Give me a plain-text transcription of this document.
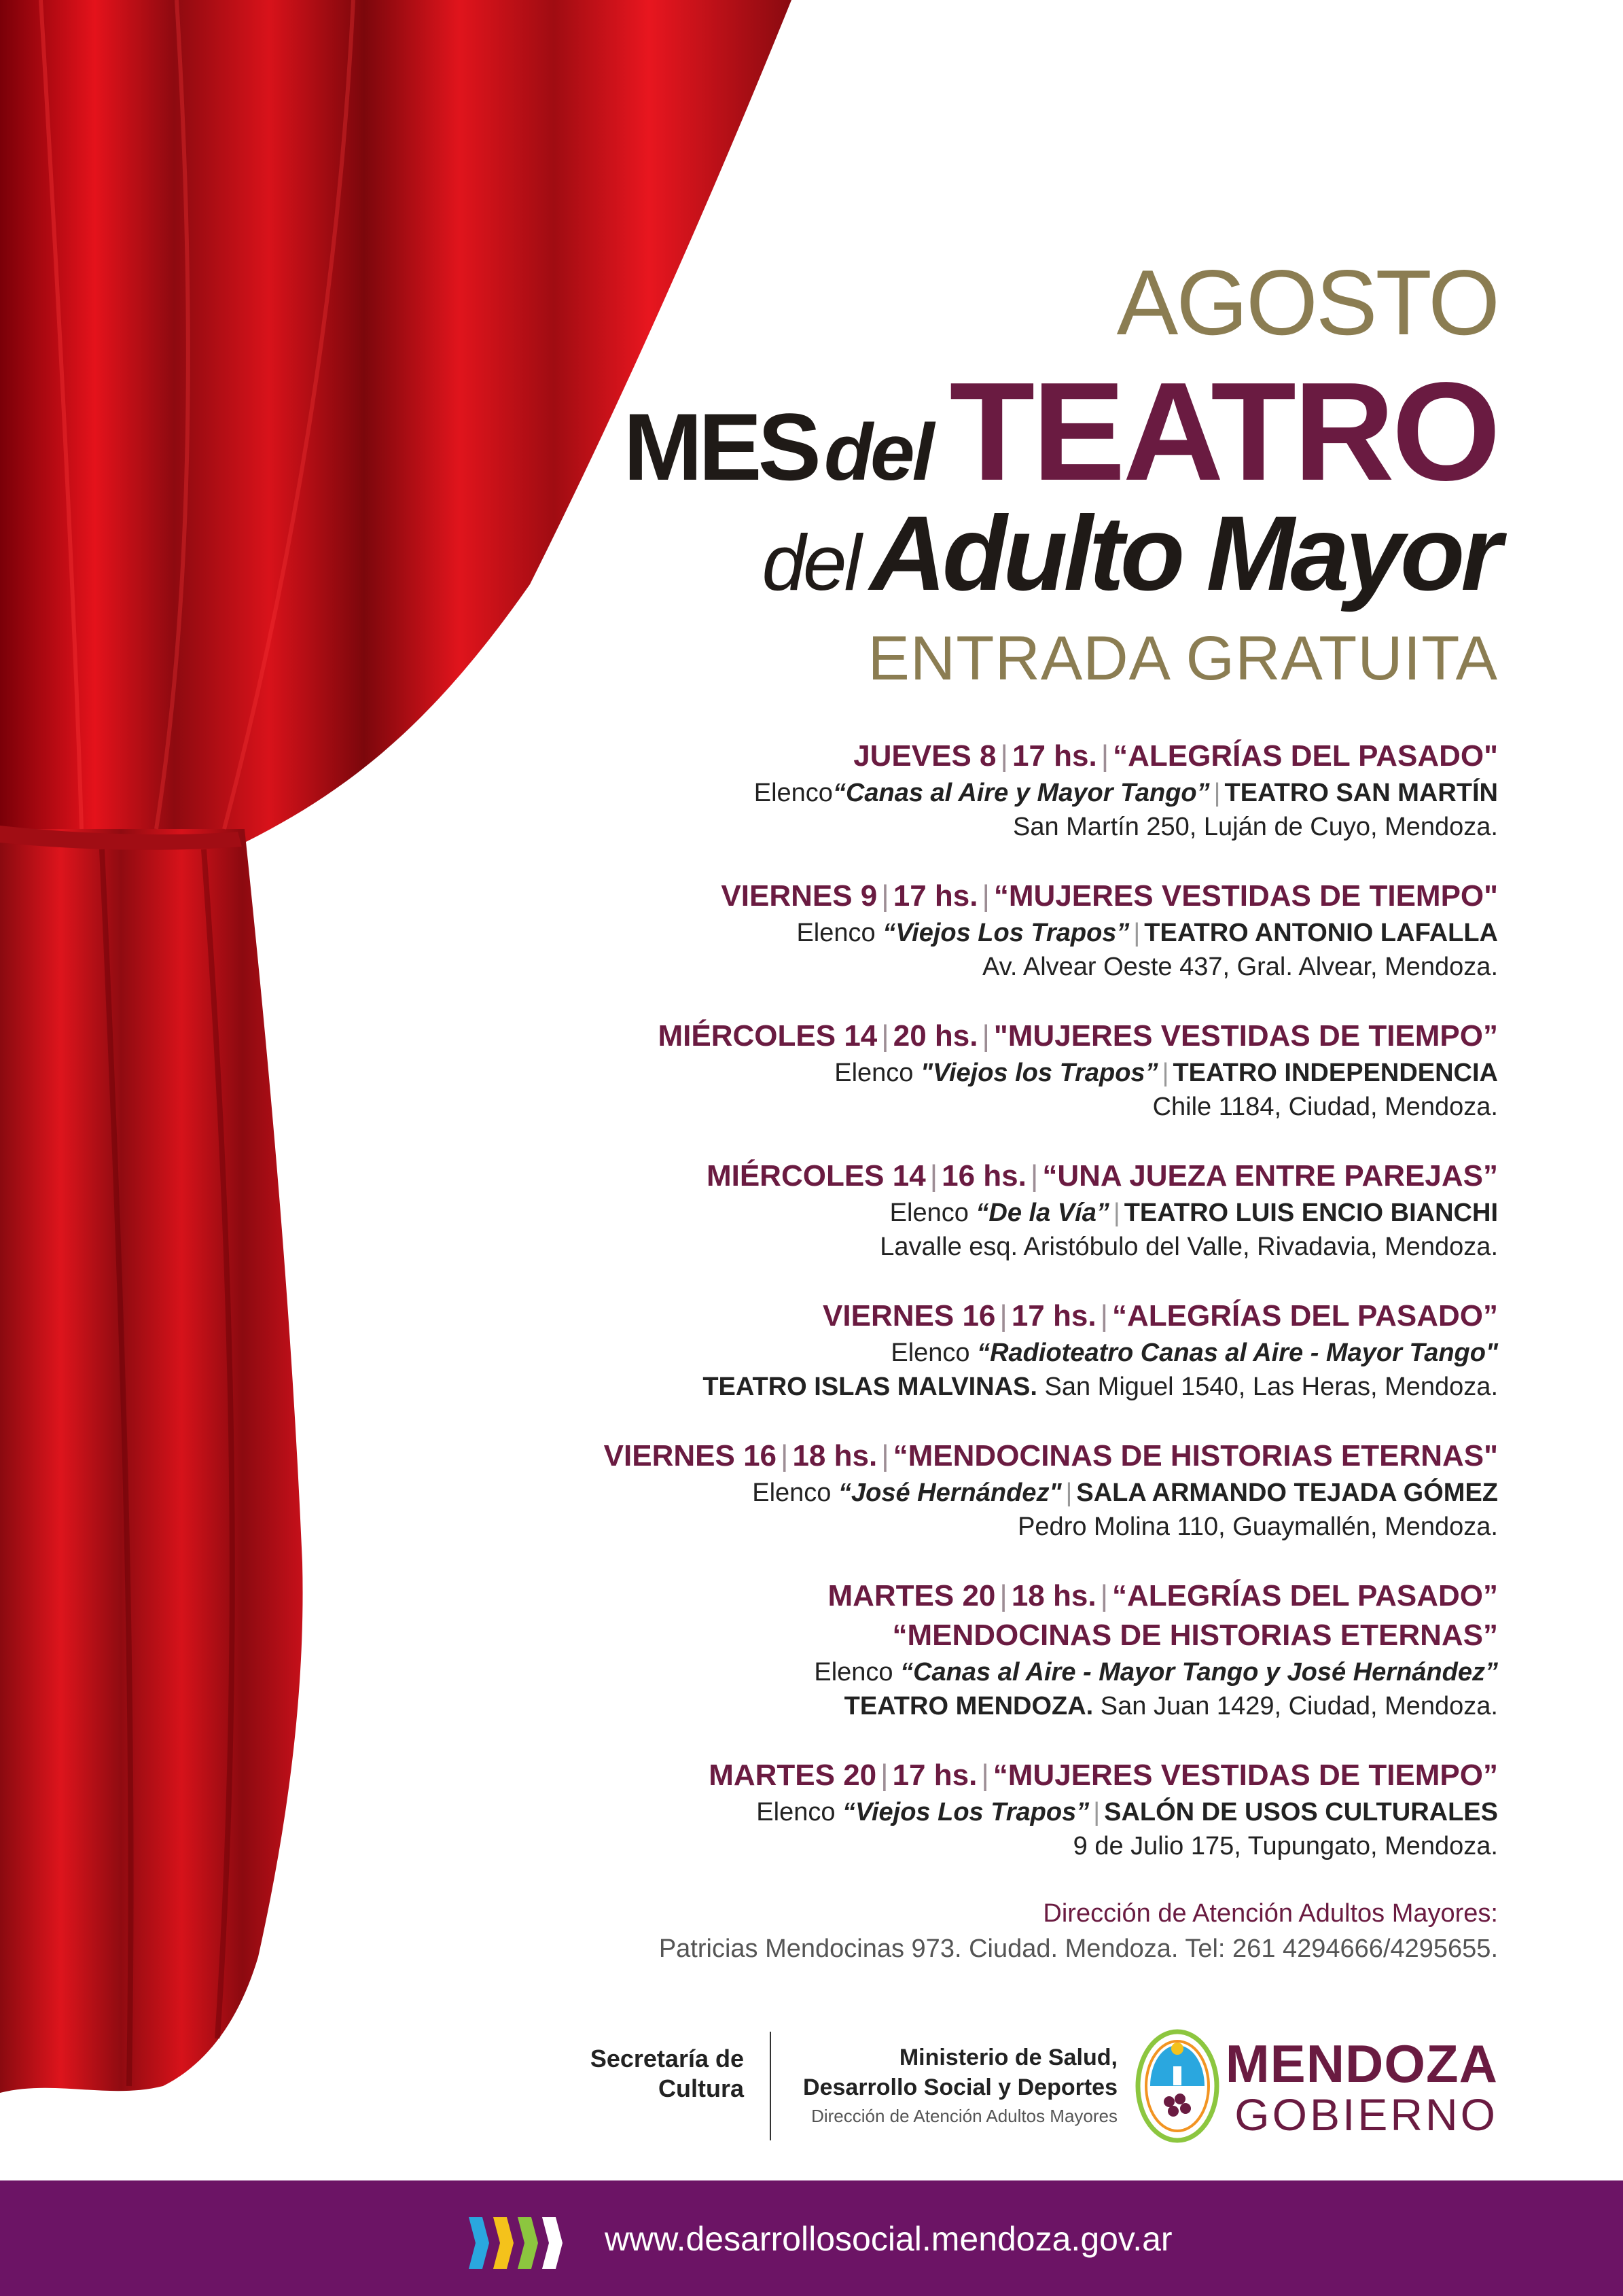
AGOSTO
MESdel TEATRO
del Adulto Mayor
ENTRADA GRATUITA
JUEVES 8 | 17 hs. | “ALEGRÍAS DEL PASADO"
Elenco“Canas al Aire y Mayor Tango” | TEATRO SAN MARTÍN
San Martín 250, Luján de Cuyo, Mendoza.
VIERNES 9 | 17 hs. | “MUJERES VESTIDAS DE TIEMPO"
Elenco “Viejos Los Trapos” | TEATRO ANTONIO LAFALLA
Av. Alvear Oeste 437, Gral. Alvear, Mendoza.
MIÉRCOLES 14 | 20 hs. | "MUJERES VESTIDAS DE TIEMPO”
Elenco "Viejos los Trapos” | TEATRO INDEPENDENCIA
Chile 1184, Ciudad, Mendoza.
MIÉRCOLES 14 | 16 hs. | “UNA JUEZA ENTRE PAREJAS”
Elenco “De la Vía” | TEATRO LUIS ENCIO BIANCHI
Lavalle esq. Aristóbulo del Valle, Rivadavia, Mendoza.
VIERNES 16 | 17 hs. | “ALEGRÍAS DEL PASADO”
Elenco “Radioteatro Canas al Aire - Mayor Tango"
TEATRO ISLAS MALVINAS. San Miguel 1540, Las Heras, Mendoza.
VIERNES 16 | 18 hs. | “MENDOCINAS DE HISTORIAS ETERNAS"
Elenco “José Hernández" | SALA ARMANDO TEJADA GÓMEZ
Pedro Molina 110, Guaymallén, Mendoza.
MARTES 20 | 18 hs. | “ALEGRÍAS DEL PASADO”
“MENDOCINAS DE HISTORIAS ETERNAS”
Elenco “Canas al Aire - Mayor Tango y José Hernández”
TEATRO MENDOZA. San Juan 1429, Ciudad, Mendoza.
MARTES 20 | 17 hs. | “MUJERES VESTIDAS DE TIEMPO”
Elenco “Viejos Los Trapos” | SALÓN DE USOS CULTURALES
9 de Julio 175, Tupungato, Mendoza.
Dirección de Atención Adultos Mayores:
Patricias Mendocinas 973. Ciudad. Mendoza. Tel: 261 4294666/4295655.
Secretaría de
Cultura
Ministerio de Salud,
Desarrollo Social y Deportes
Dirección de Atención Adultos Mayores
MENDOZA
GOBIERNO
www.desarrollosocial.mendoza.gov.ar
